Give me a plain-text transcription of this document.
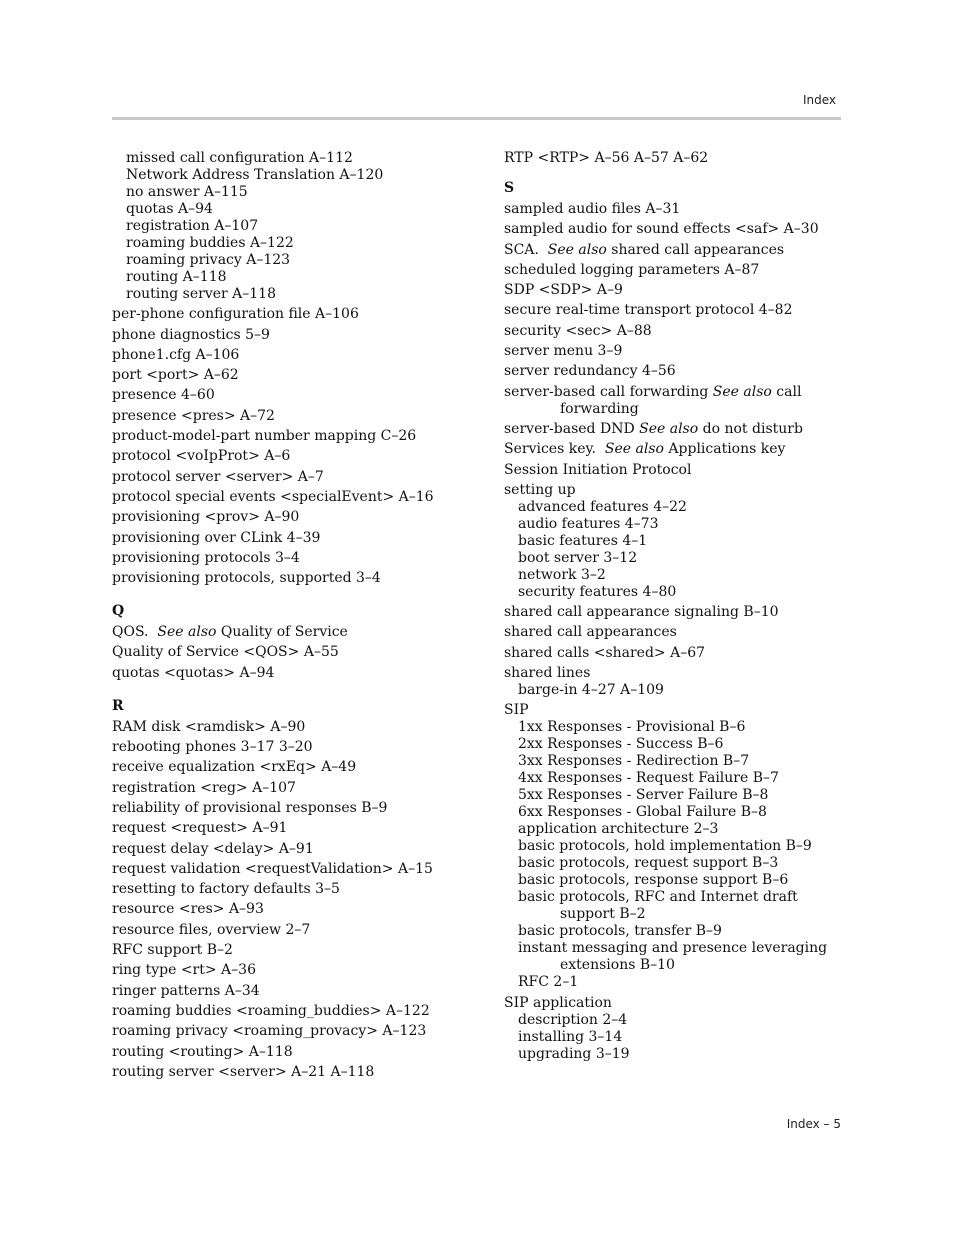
Index
missed call configuration A–112
Network Address Translation A–120
no answer A–115
quotas A–94
registration A–107
roaming buddies A–122
roaming privacy A–123
routing A–118
routing server A–118
per-phone configuration file A–106
phone diagnostics 5–9
phone1.cfg A–106
port <port> A–62
presence 4–60
presence <pres> A–72
product-model-part number mapping C–26
protocol <voIpProt> A–6
protocol server <server> A–7
protocol special events <specialEvent> A–16
provisioning <prov> A–90
provisioning over CLink 4–39
provisioning protocols 3–4
provisioning protocols, supported 3–4
Q
QOS. See also Quality of Service
Quality of Service <QOS> A–55
quotas <quotas> A–94
R
RAM disk <ramdisk> A–90
rebooting phones 3–17 3–20
receive equalization <rxEq> A–49
registration <reg> A–107
reliability of provisional responses B–9
request <request> A–91
request delay <delay> A–91
request validation <requestValidation> A–15
resetting to factory defaults 3–5
resource <res> A–93
resource files, overview 2–7
RFC support B–2
ring type <rt> A–36
ringer patterns A–34
roaming buddies <roaming_buddies> A–122
roaming privacy <roaming_provacy> A–123
routing <routing> A–118
routing server <server> A–21 A–118
RTP <RTP> A–56 A–57 A–62
S
sampled audio files A–31
sampled audio for sound effects <saf> A–30
SCA. See also shared call appearances
scheduled logging parameters A–87
SDP <SDP> A–9
secure real-time transport protocol 4–82
security <sec> A–88
server menu 3–9
server redundancy 4–56
server-based call forwarding See also call
forwarding
server-based DND See also do not disturb
Services key. See also Applications key
Session Initiation Protocol
setting up
advanced features 4–22
audio features 4–73
basic features 4–1
boot server 3–12
network 3–2
security features 4–80
shared call appearance signaling B–10
shared call appearances
shared calls <shared> A–67
shared lines
barge-in 4–27 A–109
SIP
1xx Responses - Provisional B–6
2xx Responses - Success B–6
3xx Responses - Redirection B–7
4xx Responses - Request Failure B–7
5xx Responses - Server Failure B–8
6xx Responses - Global Failure B–8
application architecture 2–3
basic protocols, hold implementation B–9
basic protocols, request support B–3
basic protocols, response support B–6
basic protocols, RFC and Internet draft
support B–2
basic protocols, transfer B–9
instant messaging and presence leveraging
extensions B–10
RFC 2–1
SIP application
description 2–4
installing 3–14
upgrading 3–19
Index – 5
